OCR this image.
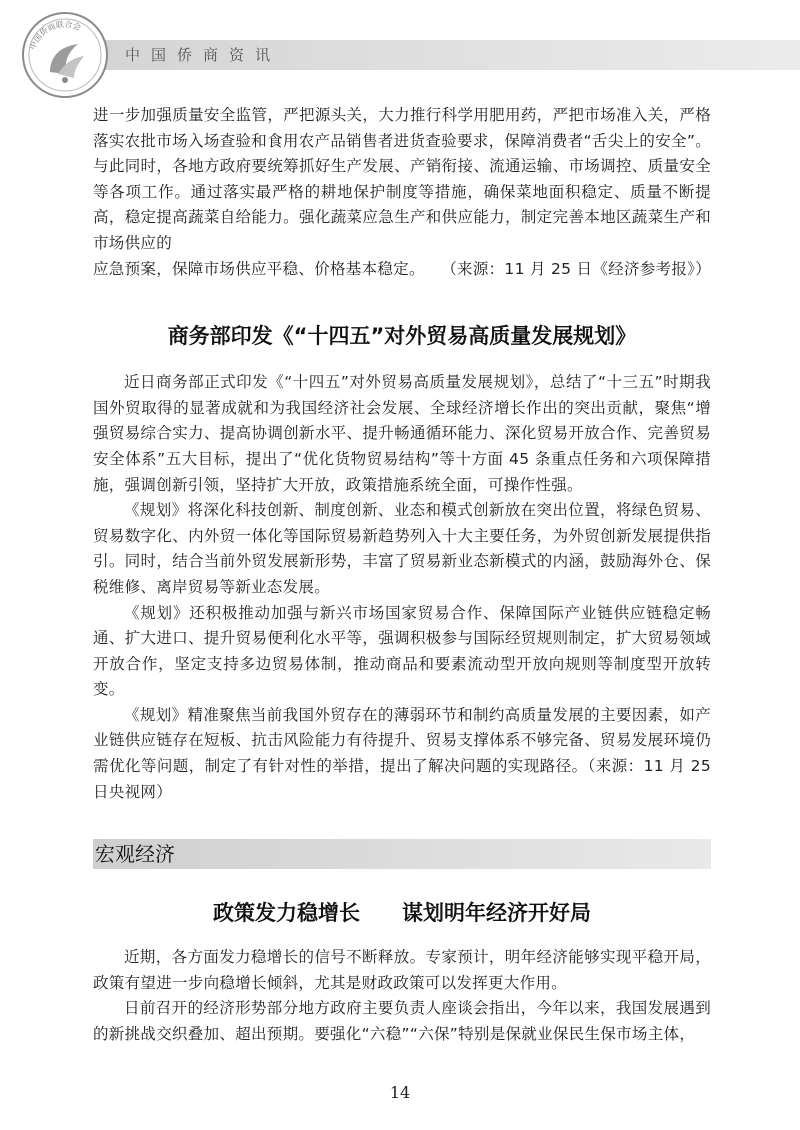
中国侨商资讯
中国侨商联合会

进一步加强质量安全监管，严把源头关，大力推行科学用肥用药，严把市场准入关，严格落实农批市场入场查验和食用农产品销售者进货查验要求，保障消费者“舌尖上的安全”。与此同时，各地方政府要统筹抓好生产发展、产销衔接、流通运输、市场调控、质量安全等各项工作。通过落实最严格的耕地保护制度等措施，确保菜地面积稳定、质量不断提高，稳定提高蔬菜自给能力。强化蔬菜应急生产和供应能力，制定完善本地区蔬菜生产和市场供应的

应急预案，保障市场供应平稳、价格基本稳定。 （来源：11 月 25 日《经济参考报》）
商务部印发《“十四五”对外贸易高质量发展规划》

近日商务部正式印发《“十四五”对外贸易高质量发展规划》，总结了“十三五”时期我国外贸取得的显著成就和为我国经济社会发展、全球经济增长作出的突出贡献，聚焦“增强贸易综合实力、提高协调创新水平、提升畅通循环能力、深化贸易开放合作、完善贸易安全体系”五大目标，提出了“优化货物贸易结构”等十方面 45 条重点任务和六项保障措施，强调创新引领，坚持扩大开放，政策措施系统全面，可操作性强。

《规划》将深化科技创新、制度创新、业态和模式创新放在突出位置，将绿色贸易、贸易数字化、内外贸一体化等国际贸易新趋势列入十大主要任务，为外贸创新发展提供指引。同时，结合当前外贸发展新形势，丰富了贸易新业态新模式的内涵，鼓励海外仓、保税维修、离岸贸易等新业态发展。

《规划》还积极推动加强与新兴市场国家贸易合作、保障国际产业链供应链稳定畅通、扩大进口、提升贸易便利化水平等，强调积极参与国际经贸规则制定，扩大贸易领域开放合作，坚定支持多边贸易体制，推动商品和要素流动型开放向规则等制度型开放转变。

《规划》精准聚焦当前我国外贸存在的薄弱环节和制约高质量发展的主要因素，如产业链供应链存在短板、抗击风险能力有待提升、贸易支撑体系不够完备、贸易发展环境仍需优化等问题，制定了有针对性的举措，提出了解决问题的实现路径。（来源：11 月 25 日央视网）

宏观经济
政策发力稳增长　　谋划明年经济开好局

近期，各方面发力稳增长的信号不断释放。专家预计，明年经济能够实现平稳开局，政策有望进一步向稳增长倾斜，尤其是财政政策可以发挥更大作用。

日前召开的经济形势部分地方政府主要负责人座谈会指出，今年以来，我国发展遇到的新挑战交织叠加、超出预期。要强化“六稳”“六保”特别是保就业保民生保市场主体，

14
